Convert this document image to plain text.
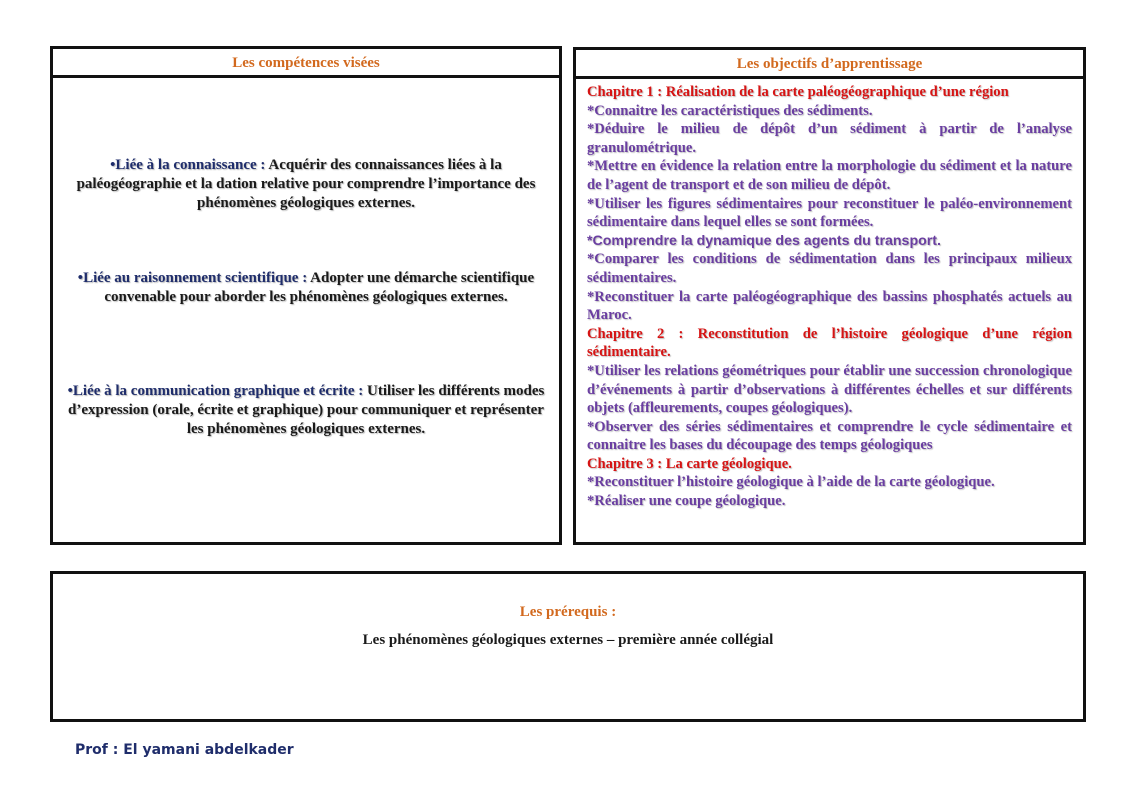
Les compétences visées
•Liée à la connaissance : Acquérir des connaissances liées à la paléogéographie et la dation relative pour comprendre l’importance des phénomènes géologiques externes.
•Liée au raisonnement scientifique : Adopter une démarche scientifique convenable pour aborder les phénomènes géologiques externes.
•Liée à la communication graphique et écrite : Utiliser les différents modes d’expression (orale, écrite et graphique) pour communiquer et représenter les phénomènes géologiques externes.
Les objectifs d’apprentissage
Chapitre 1 : Réalisation de la carte paléogéographique d’une région
*Connaitre les caractéristiques des sédiments.
*Déduire le milieu de dépôt d’un sédiment à partir de l’analyse granulométrique.
*Mettre en évidence la relation entre la morphologie du sédiment et la nature de l’agent de transport et de son milieu de dépôt.
*Utiliser les figures sédimentaires pour reconstituer le paléo-environnement sédimentaire dans lequel elles se sont formées.
*Comprendre la dynamique des agents du transport.
*Comparer les conditions de sédimentation dans les principaux milieux sédimentaires.
*Reconstituer la carte paléogéographique des bassins phosphatés actuels au Maroc.
Chapitre 2 : Reconstitution de l’histoire géologique d’une région sédimentaire.
*Utiliser les relations géométriques pour établir une succession chronologique d’événements à partir d’observations à différentes échelles et sur différents objets (affleurements, coupes géologiques).
*Observer des séries sédimentaires et comprendre le cycle sédimentaire et connaitre les bases du découpage des temps géologiques
Chapitre 3 : La carte géologique.
*Reconstituer l’histoire géologique à l’aide de la carte géologique.
*Réaliser une coupe géologique.
Les prérequis :
Les phénomènes géologiques externes – première année collégial
Prof : El yamani abdelkader
